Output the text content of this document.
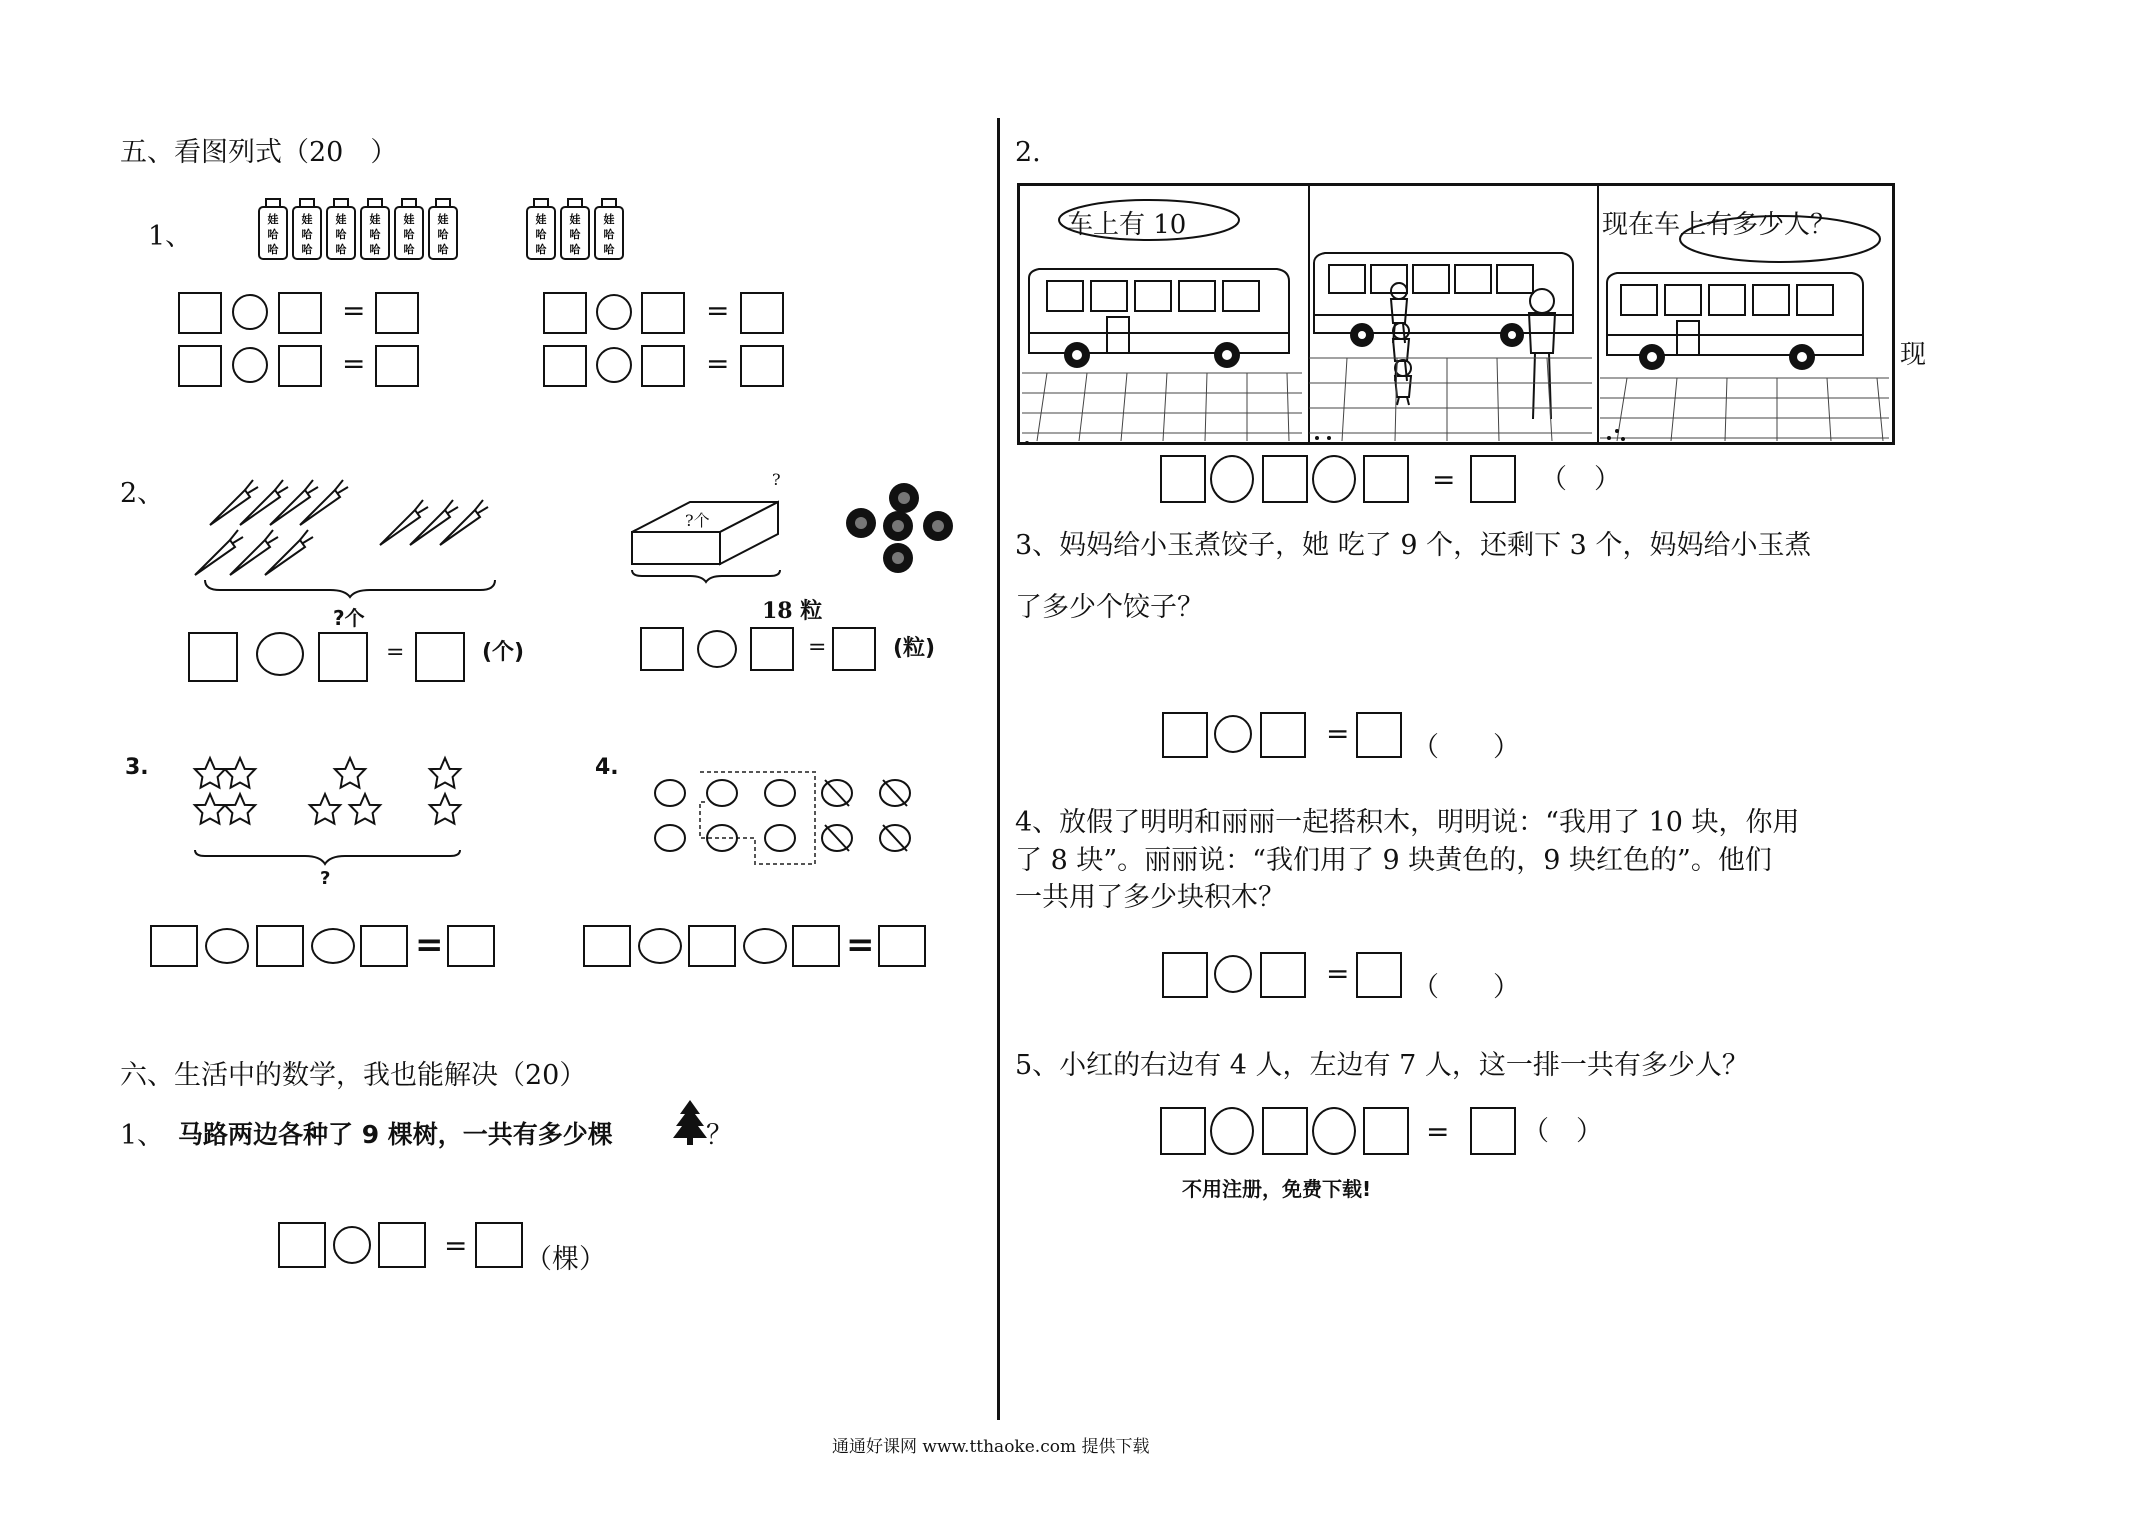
五、看图列式（20　）
1、
娃
哈
哈
娃
哈
哈
娃
哈
哈
娃
哈
哈
娃
哈
哈
娃
哈
哈
娃
哈
哈
娃
哈
哈
娃
哈
哈
=
=
=
=
2、
?个
?个
?
18 粒
=	(个)	=	(粒)
3.
?
=
4.
=
六、生活中的数学，我也能解决（20）
1、 马路两边各种了 9 棵树，一共有多少棵	？
= （棵）
2.
车上有 10	现在车上有多少人？
现
=	（　）
3、妈妈给小玉煮饺子，她 吃了 9 个，还剩下 3 个，妈妈给小玉煮
了多少个饺子？
= （　　）
4、放假了明明和丽丽一起搭积木，明明说：“我用了 10 块，你用
了 8 块”。丽丽说：“我们用了 9 块黄色的，9 块红色的”。他们
一共用了多少块积木？
= （　　）
5、小红的右边有 4 人，左边有 7 人，这一排一共有多少人？
=	（　）
不用注册，免费下载!
通通好课网 www.tthaoke.com 提供下载
